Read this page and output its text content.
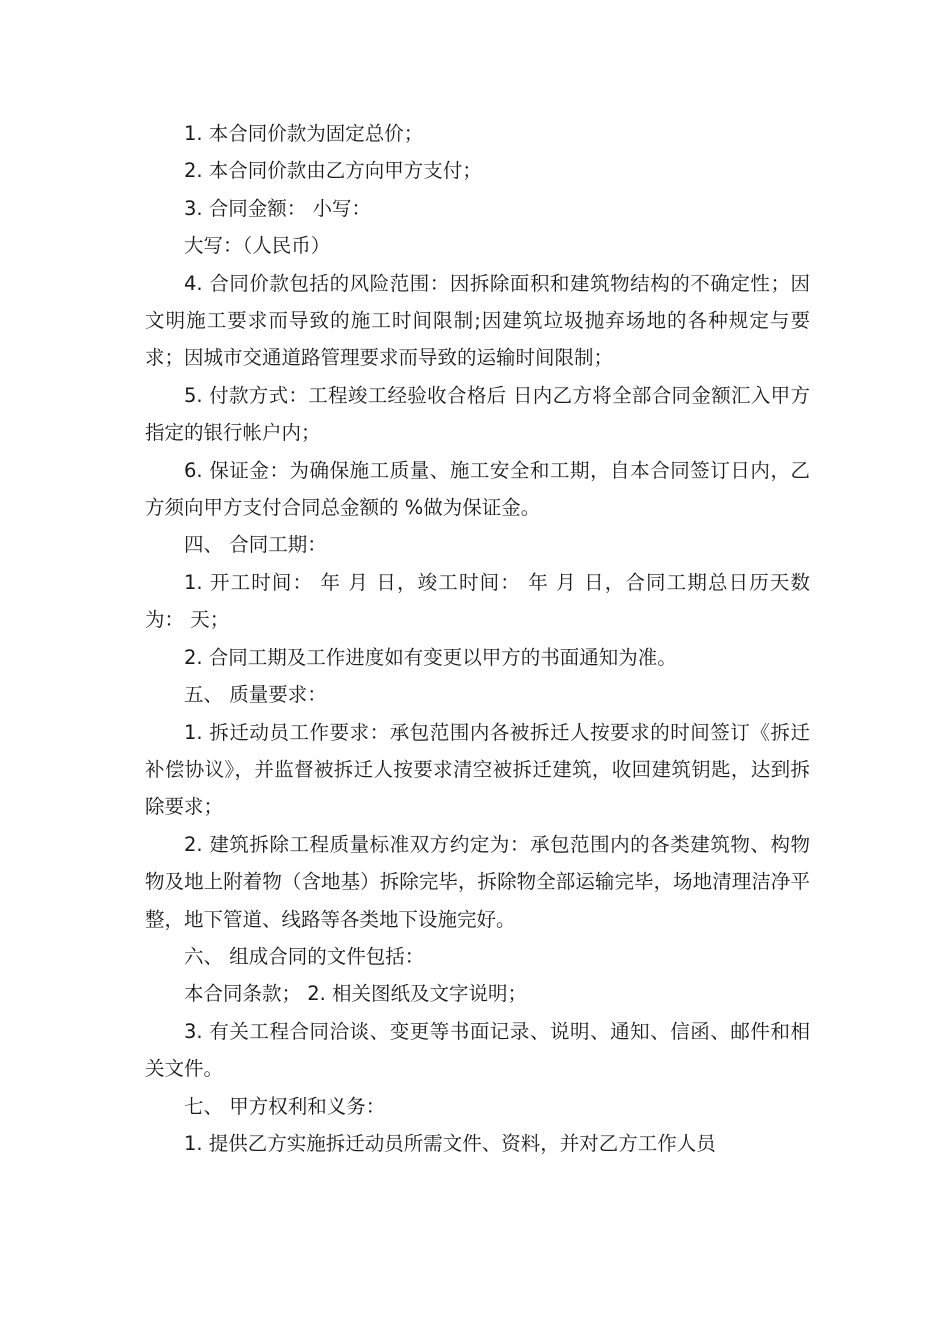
1. 本合同价款为固定总价；

2. 本合同价款由乙方向甲方支付；

3. 合同金额： 小写：

大写：（人民币）

4. 合同价款包括的风险范围：因拆除面积和建筑物结构的不确定性；因文明施工要求而导致的施工时间限制;因建筑垃圾抛弃场地的各种规定与要求；因城市交通道路管理要求而导致的运输时间限制；

5. 付款方式：工程竣工经验收合格后 日内乙方将全部合同金额汇入甲方指定的银行帐户内；

6. 保证金：为确保施工质量、施工安全和工期，自本合同签订日内，乙方须向甲方支付合同总金额的 %做为保证金。

四、 合同工期：

1. 开工时间： 年 月 日，竣工时间： 年 月 日，合同工期总日历天数为： 天；

2. 合同工期及工作进度如有变更以甲方的书面通知为准。

五、 质量要求：

1. 拆迁动员工作要求：承包范围内各被拆迁人按要求的时间签订《拆迁补偿协议》，并监督被拆迁人按要求清空被拆迁建筑，收回建筑钥匙，达到拆除要求；

2. 建筑拆除工程质量标准双方约定为：承包范围内的各类建筑物、构物物及地上附着物（含地基）拆除完毕，拆除物全部运输完毕，场地清理洁净平整，地下管道、线路等各类地下设施完好。

六、 组成合同的文件包括：

本合同条款； 2. 相关图纸及文字说明；

3. 有关工程合同洽谈、变更等书面记录、说明、通知、信函、邮件和相关文件。

七、 甲方权利和义务：

1. 提供乙方实施拆迁动员所需文件、资料，并对乙方工作人员
